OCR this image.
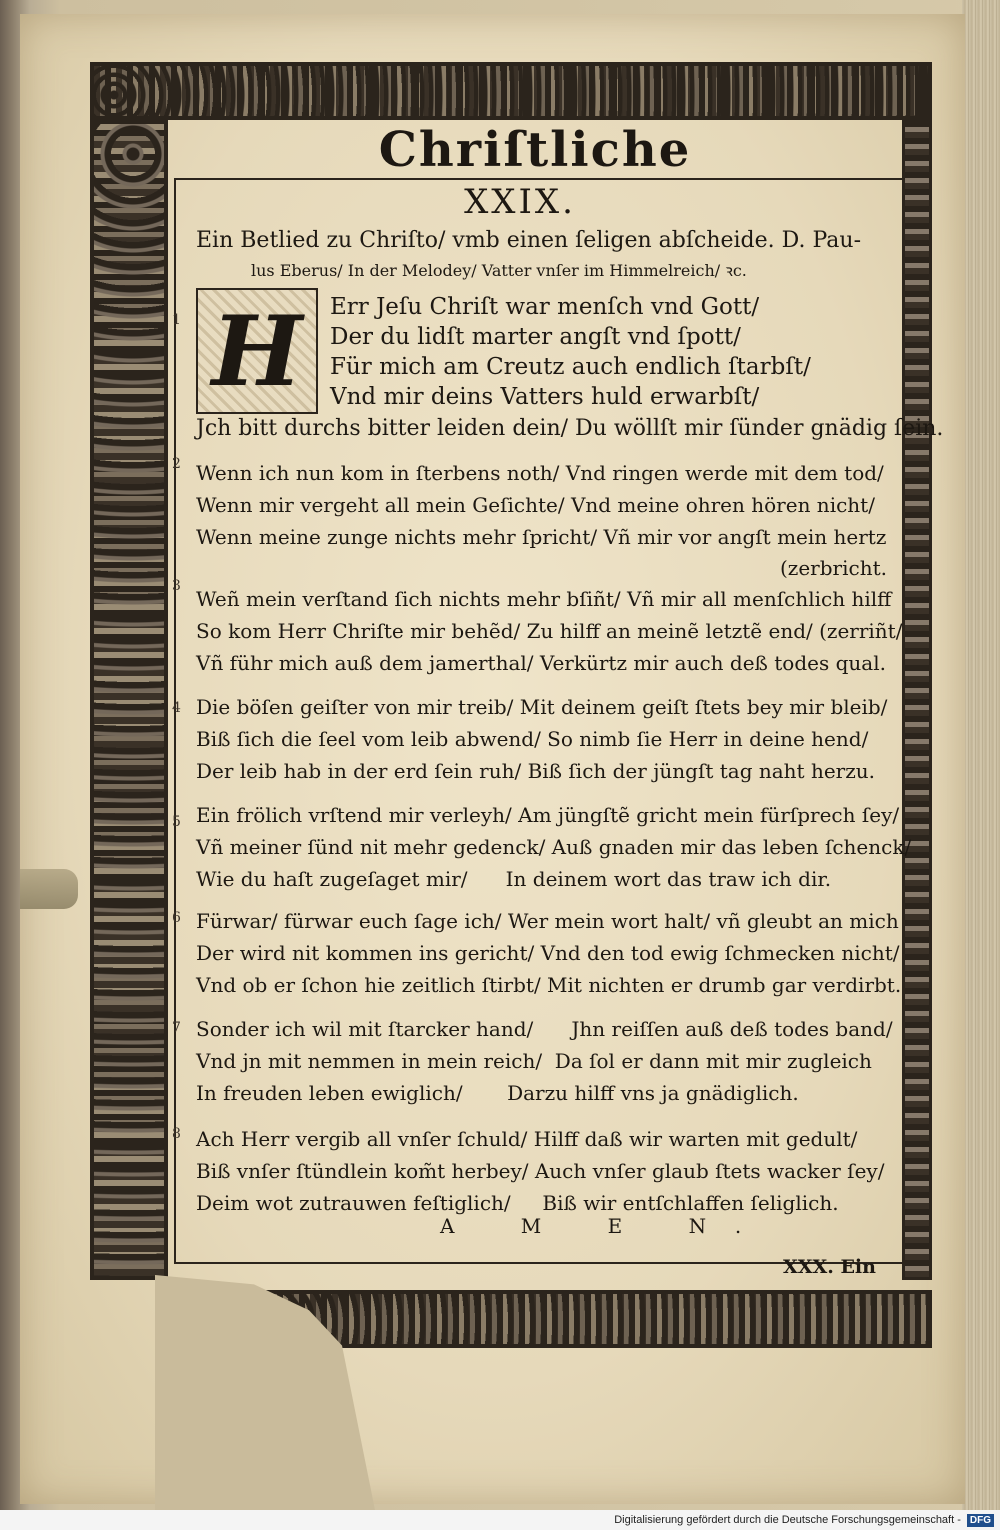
Chriſtliche
XXIX.
Ein Betlied zu Chriſto/ vmb einen ſeligen abſcheide. D. Pau-
lus Eberus/ In der Melodey/ Vatter vnſer im Himmelreich/ ꝛc.
H
1	Err Jeſu Chriſt war menſch vnd Gott/
Der du lidſt marter angſt vnd ſpott/
Für mich am Creutz auch endlich ſtarbſt/
Vnd mir deins Vatters huld erwarbſt/
Jch bitt durchs bitter leiden dein/ Du wöllſt mir ſünder gnädig ſein.
2 Wenn ich nun kom in ſterbens noth/ Vnd ringen werde mit dem tod/
Wenn mir vergeht all mein Geſichte/ Vnd meine ohren hören nicht/
Wenn meine zunge nichts mehr ſpricht/ Vñ mir vor angſt mein hertz
(zerbricht.
3
Weñ mein verſtand ſich nichts mehr bſiñt/ Vñ mir all menſchlich hilff
So kom Herr Chriſte mir behẽd/ Zu hilff an meinẽ letztẽ end/ (zerriñt/
Vñ führ mich auß dem jamerthal/ Verkürtz mir auch deß todes qual.
4 Die böſen geiſter von mir treib/ Mit deinem geiſt ſtets bey mir bleib/
Biß ſich die ſeel vom leib abwend/ So nimb ſie Herr in deine hend/
Der leib hab in der erd ſein ruh/ Biß ſich der jüngſt tag naht herzu.
5 Ein frölich vrſtend mir verleyh/ Am jüngſtẽ gricht mein fürſprech ſey/
Vñ meiner ſünd nit mehr gedenck/ Auß gnaden mir das leben ſchenck/
Wie du haſt zugeſaget mir/      In deinem wort das traw ich dir.
6 Fürwar/ fürwar euch ſage ich/ Wer mein wort halt/ vñ gleubt an mich
Der wird nit kommen ins gericht/ Vnd den tod ewig ſchmecken nicht/
Vnd ob er ſchon hie zeitlich ſtirbt/ Mit nichten er drumb gar verdirbt.
7 Sonder ich wil mit ſtarcker hand/      Jhn reiſſen auß deß todes band/
Vnd jn mit nemmen in mein reich/  Da ſol er dann mit mir zugleich
In freuden leben ewiglich/       Darzu hilff vns ja gnädiglich.
8 Ach Herr vergib all vnſer ſchuld/ Hilff daß wir warten mit gedult/
Biß vnſer ſtündlein kom̃t herbey/ Auch vnſer glaub ſtets wacker ſey/
Deim wot zutrauwen feſtiglich/     Biß wir entſchlaffen ſeliglich.
A M E N.
XXX. Ein
Digitalisierung gefördert durch die Deutsche Forschungsgemeinschaft - DFG
